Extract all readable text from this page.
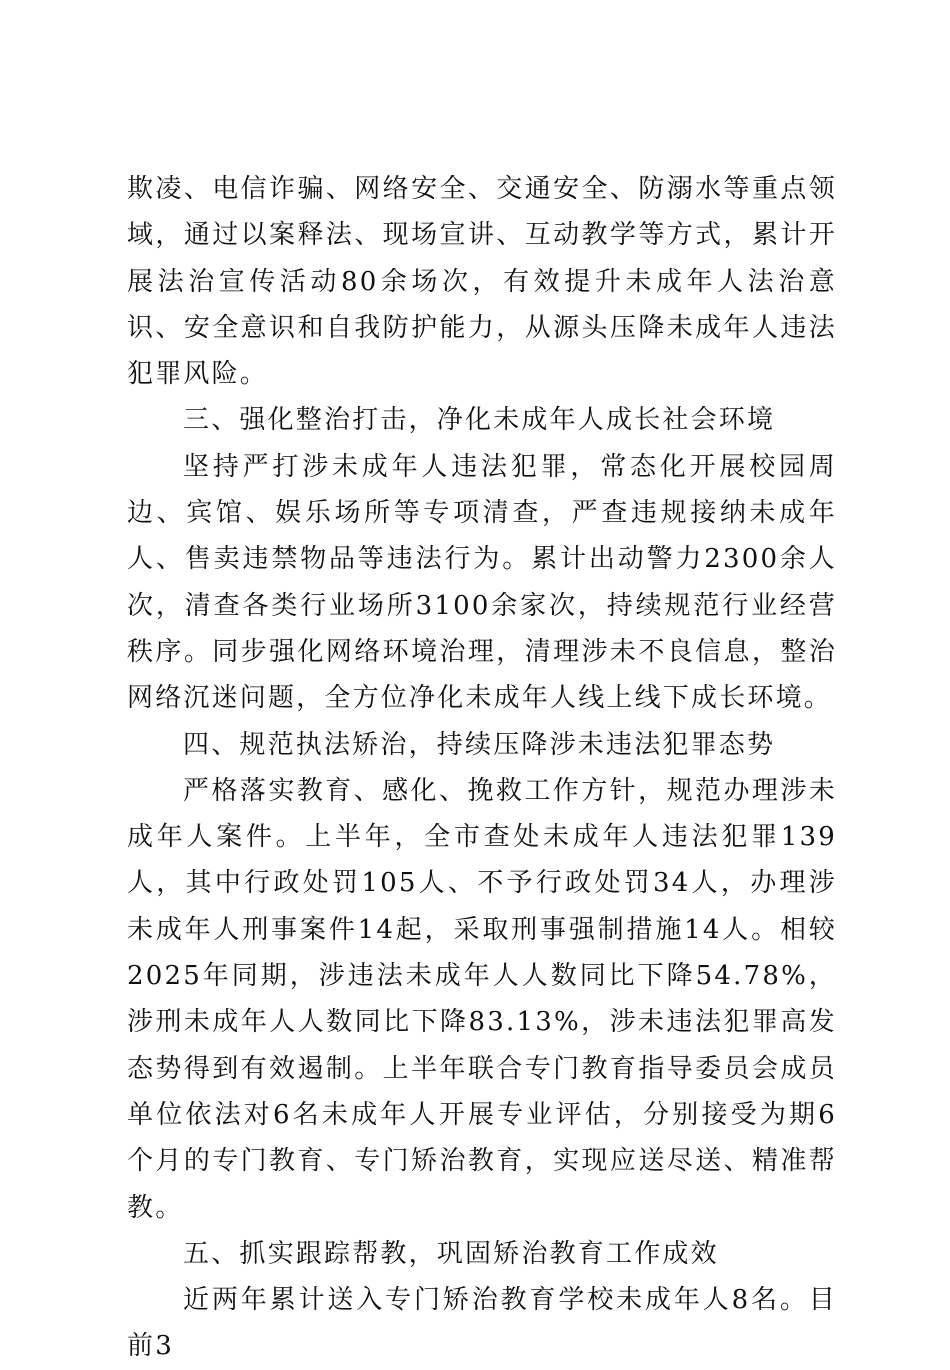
欺凌、电信诈骗、网络安全、交通安全、防溺水等重点领域，通过以案释法、现场宣讲、互动教学等方式，累计开展法治宣传活动80余场次，有效提升未成年人法治意识、安全意识和自我防护能力，从源头压降未成年人违法犯罪风险。

三、强化整治打击，净化未成年人成长社会环境

坚持严打涉未成年人违法犯罪，常态化开展校园周边、宾馆、娱乐场所等专项清查，严查违规接纳未成年人、售卖违禁物品等违法行为。累计出动警力2300余人次，清查各类行业场所3100余家次，持续规范行业经营秩序。同步强化网络环境治理，清理涉未不良信息，整治网络沉迷问题，全方位净化未成年人线上线下成长环境。

四、规范执法矫治，持续压降涉未违法犯罪态势

严格落实教育、感化、挽救工作方针，规范办理涉未成年人案件。上半年，全市查处未成年人违法犯罪139人，其中行政处罚105人、不予行政处罚34人，办理涉未成年人刑事案件14起，采取刑事强制措施14人。相较2025年同期，涉违法未成年人人数同比下降54.78%，涉刑未成年人人数同比下降83.13%，涉未违法犯罪高发态势得到有效遏制。上半年联合专门教育指导委员会成员单位依法对6名未成年人开展专业评估，分别接受为期6个月的专门教育、专门矫治教育，实现应送尽送、精准帮教。

五、抓实跟踪帮教，巩固矫治教育工作成效

近两年累计送入专门矫治教育学校未成年人8名。目前3
